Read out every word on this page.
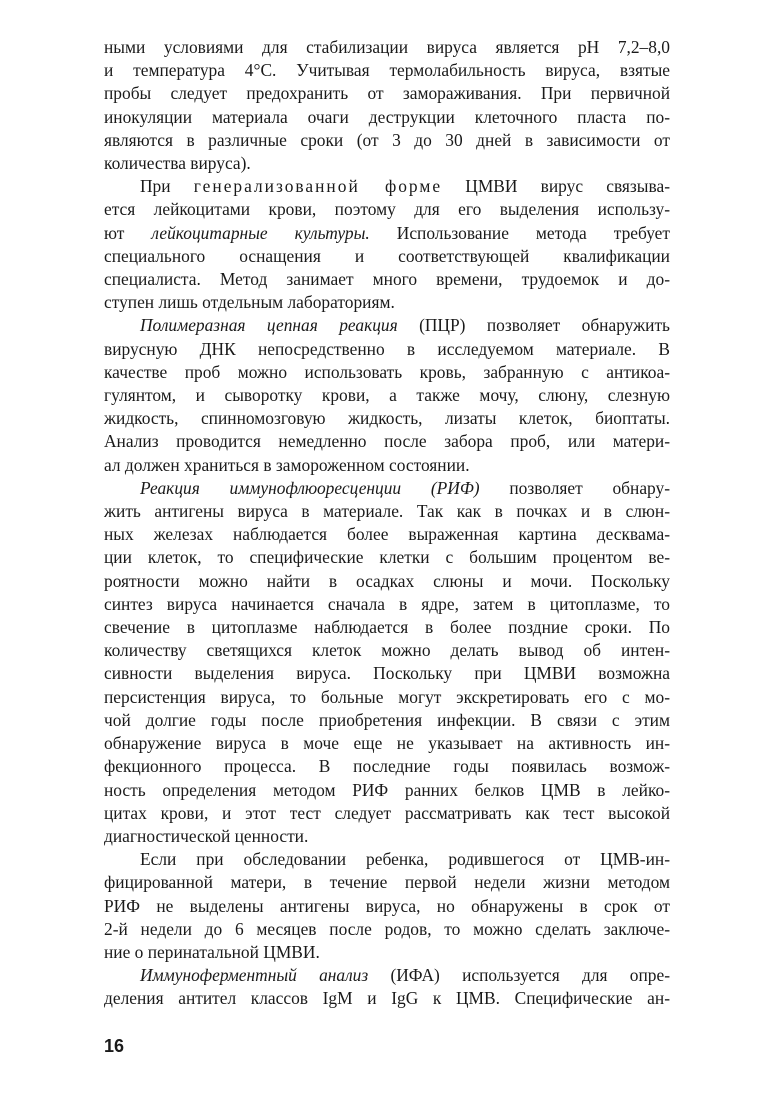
ными условиями для стабилизации вируса является pH 7,2–8,0
и температура 4°С. Учитывая термолабильность вируса, взятые
пробы следует предохранить от замораживания. При первичной
инокуляции материала очаги деструкции клеточного пласта по-
являются в различные сроки (от 3 до 30 дней в зависимости от
количества вируса).

При генерализованной форме ЦМВИ вирус связыва-
ется лейкоцитами крови, поэтому для его выделения использу-
ют лейкоцитарные культуры. Использование метода требует
специального оснащения и соответствующей квалификации
специалиста. Метод занимает много времени, трудоемок и до-
ступен лишь отдельным лабораториям.

Полимеразная цепная реакция (ПЦР) позволяет обнаружить
вирусную ДНК непосредственно в исследуемом материале. В
качестве проб можно использовать кровь, забранную с антикоа-
гулянтом, и сыворотку крови, а также мочу, слюну, слезную
жидкость, спинномозговую жидкость, лизаты клеток, биоптаты.
Анализ проводится немедленно после забора проб, или матери-
ал должен храниться в замороженном состоянии.

Реакция иммунофлюоресценции (РИФ) позволяет обнару-
жить антигены вируса в материале. Так как в почках и в слюн-
ных железах наблюдается более выраженная картина десквама-
ции клеток, то специфические клетки с большим процентом ве-
роятности можно найти в осадках слюны и мочи. Поскольку
синтез вируса начинается сначала в ядре, затем в цитоплазме, то
свечение в цитоплазме наблюдается в более поздние сроки. По
количеству светящихся клеток можно делать вывод об интен-
сивности выделения вируса. Поскольку при ЦМВИ возможна
персистенция вируса, то больные могут экскретировать его с мо-
чой долгие годы после приобретения инфекции. В связи с этим
обнаружение вируса в моче еще не указывает на активность ин-
фекционного процесса. В последние годы появилась возмож-
ность определения методом РИФ ранних белков ЦМВ в лейко-
цитах крови, и этот тест следует рассматривать как тест высокой
диагностической ценности.

Если при обследовании ребенка, родившегося от ЦМВ-ин-
фицированной матери, в течение первой недели жизни методом
РИФ не выделены антигены вируса, но обнаружены в срок от
2-й недели до 6 месяцев после родов, то можно сделать заключе-
ние о перинатальной ЦМВИ.

Иммуноферментный анализ (ИФА) используется для опре-
деления антител классов IgM и IgG к ЦМВ. Специфические ан-

16
